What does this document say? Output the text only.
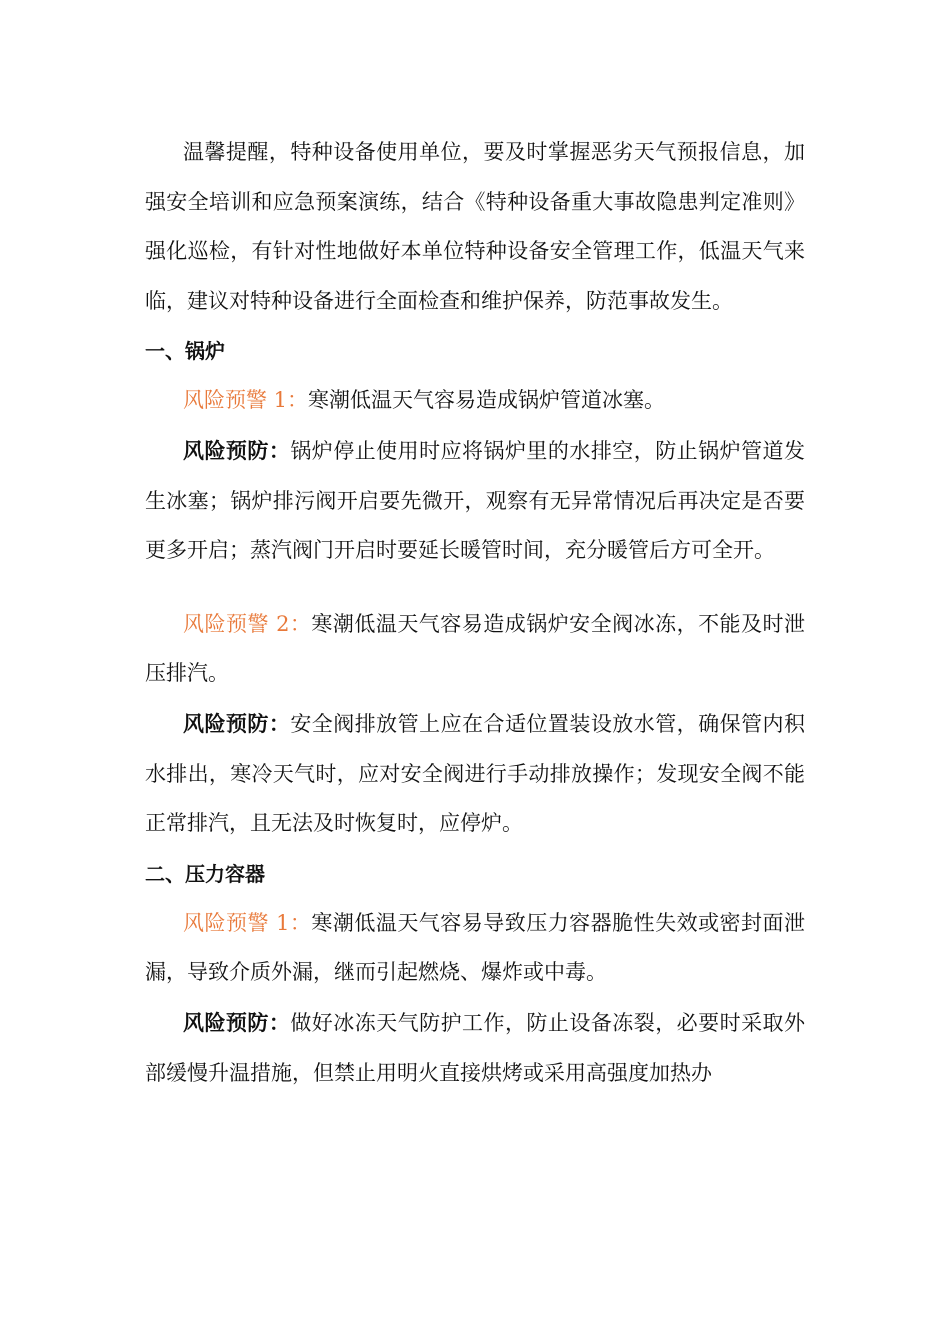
温馨提醒，特种设备使用单位，要及时掌握恶劣天气预报信息，加强安全培训和应急预案演练，结合《特种设备重大事故隐患判定准则》强化巡检，有针对性地做好本单位特种设备安全管理工作，低温天气来临，建议对特种设备进行全面检查和维护保养，防范事故发生。

一、锅炉

风险预警 1：寒潮低温天气容易造成锅炉管道冰塞。

风险预防：锅炉停止使用时应将锅炉里的水排空，防止锅炉管道发生冰塞；锅炉排污阀开启要先微开，观察有无异常情况后再决定是否要更多开启；蒸汽阀门开启时要延长暖管时间，充分暖管后方可全开。

风险预警 2：寒潮低温天气容易造成锅炉安全阀冰冻，不能及时泄压排汽。

风险预防：安全阀排放管上应在合适位置装设放水管，确保管内积水排出，寒冷天气时，应对安全阀进行手动排放操作；发现安全阀不能正常排汽，且无法及时恢复时，应停炉。

二、压力容器

风险预警 1：寒潮低温天气容易导致压力容器脆性失效或密封面泄漏，导致介质外漏，继而引起燃烧、爆炸或中毒。

风险预防：做好冰冻天气防护工作，防止设备冻裂，必要时采取外部缓慢升温措施，但禁止用明火直接烘烤或采用高强度加热办
